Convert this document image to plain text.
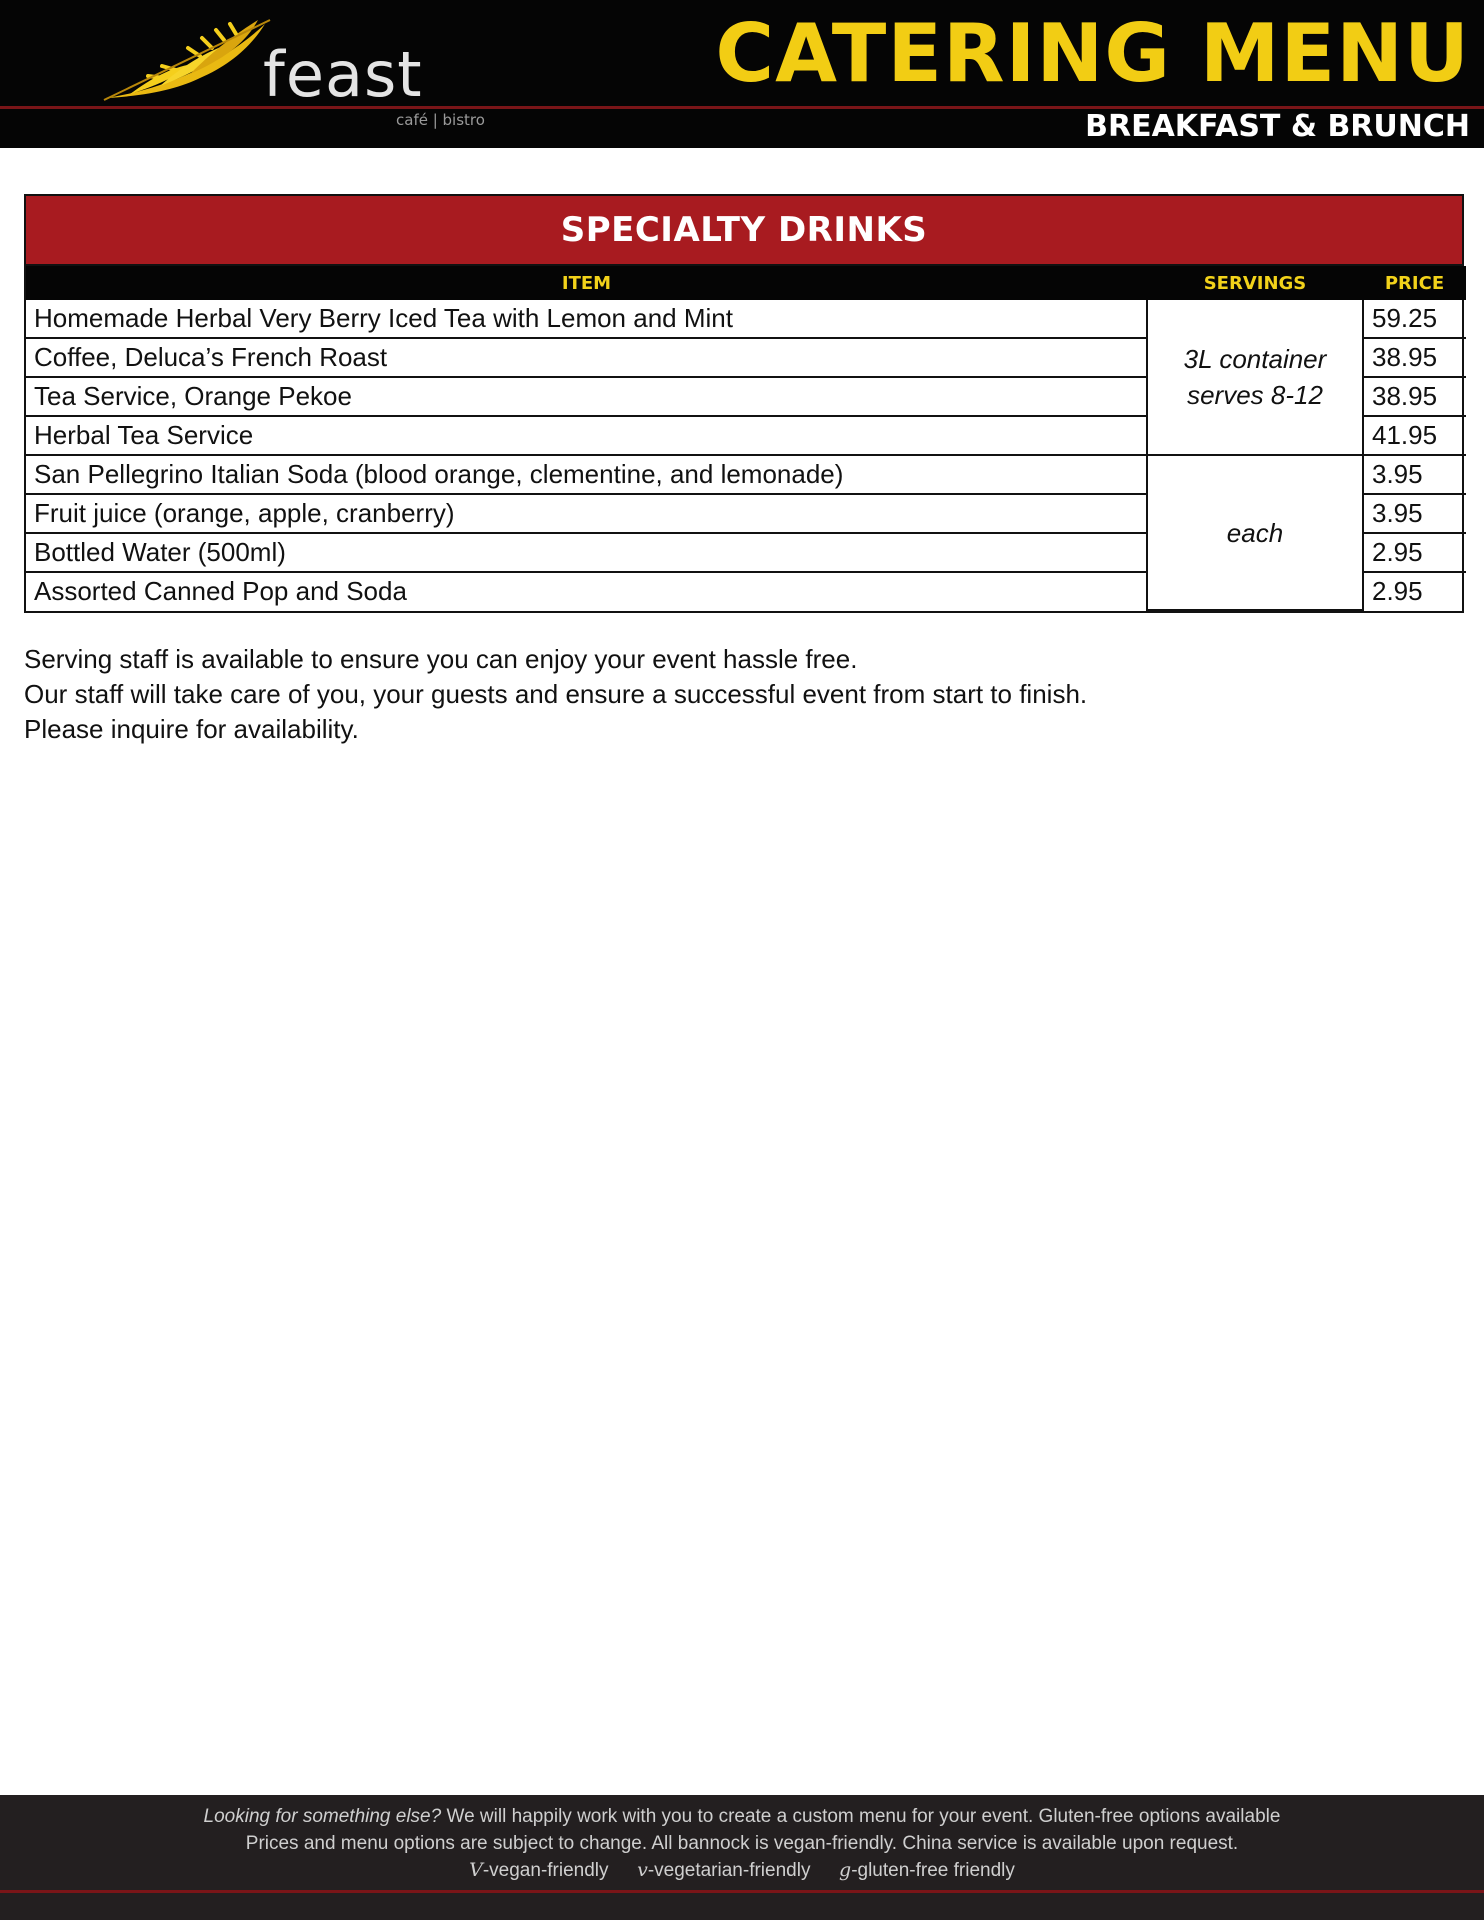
feast
café | bistro
CATERING MENU
BREAKFAST & BRUNCH
SPECIALTY DRINKS
ITEM	SERVINGS	PRICE
Homemade Herbal Very Berry Iced Tea with Lemon and Mint	3L container serves 8-12	59.25
Coffee, Deluca’s French Roast		38.95
Tea Service, Orange Pekoe		38.95
Herbal Tea Service		41.95
San Pellegrino Italian Soda (blood orange, clementine, and lemonade)	each	3.95
Fruit juice (orange, apple, cranberry)		3.95
Bottled Water (500ml)		2.95
Assorted Canned Pop and Soda		2.95
Serving staff is available to ensure you can enjoy your event hassle free.
Our staff will take care of you, your guests and ensure a successful event from start to finish.
Please inquire for availability.
Looking for something else? We will happily work with you to create a custom menu for your event. Gluten-free options available
Prices and menu options are subject to change. All bannock is vegan-friendly. China service is available upon request.
V-vegan-friendly v-vegetarian-friendly g-gluten-free friendly
